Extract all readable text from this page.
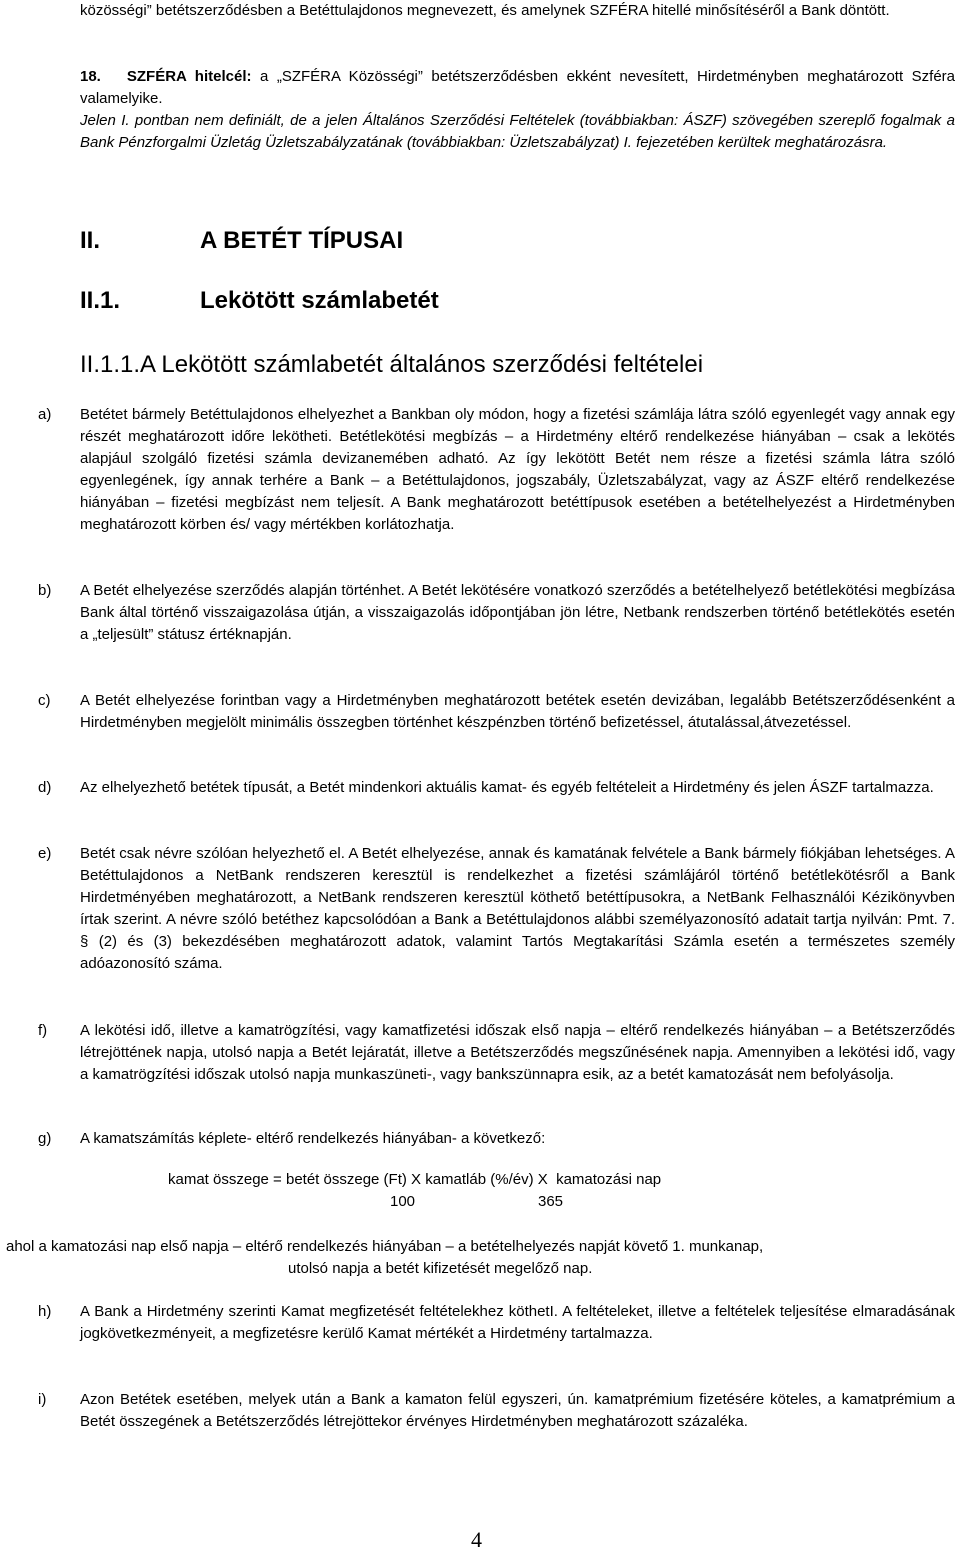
közösségi” betétszerződésben a Betéttulajdonos megnevezett, és amelynek SZFÉRA hitellé minősítéséről a Bank döntött.

18. SZFÉRA hitelcél: a „SZFÉRA Közösségi” betétszerződésben ekként nevesített, Hirdetményben meghatározott Szféra valamelyike.

Jelen I. pontban nem definiált, de a jelen Általános Szerződési Feltételek (továbbiakban: ÁSZF) szövegében szereplő fogalmak a Bank Pénzforgalmi Üzletág Üzletszabályzatának (továbbiakban: Üzletszabályzat) I. fejezetében kerültek meghatározásra.

II.	A BETÉT TÍPUSAI
II.1.	Lekötött számlabetét
II.1.1.A Lekötött számlabetét általános szerződési feltételei
a) Betétet bármely Betéttulajdonos elhelyezhet a Bankban oly módon, hogy a fizetési számlája látra szóló egyenlegét vagy annak egy részét meghatározott időre lekötheti. Betétlekötési megbízás – a Hirdetmény eltérő rendelkezése hiányában – csak a lekötés alapjául szolgáló fizetési számla devizanemében adható. Az így lekötött Betét nem része a fizetési számla látra szóló egyenlegének, így annak terhére a Bank – a Betéttulajdonos, jogszabály, Üzletszabályzat, vagy az ÁSZF eltérő rendelkezése hiányában – fizetési megbízást nem teljesít. A Bank meghatározott betéttípusok esetében a betételhelyezést a Hirdetményben meghatározott körben és/ vagy mértékben korlátozhatja.

b) A Betét elhelyezése szerződés alapján történhet. A Betét lekötésére vonatkozó szerződés a betételhelyező betétlekötési megbízása Bank által történő visszaigazolása útján, a visszaigazolás időpontjában jön létre, Netbank rendszerben történő betétlekötés esetén a „teljesült” státusz értéknapján.

c) A Betét elhelyezése forintban vagy a Hirdetményben meghatározott betétek esetén devizában, legalább Betétszerződésenként a Hirdetményben megjelölt minimális összegben történhet készpénzben történő befizetéssel, átutalással,átvezetéssel.

d) Az elhelyezhető betétek típusát, a Betét mindenkori aktuális kamat- és egyéb feltételeit a Hirdetmény és jelen ÁSZF tartalmazza.

e) Betét csak névre szólóan helyezhető el. A Betét elhelyezése, annak és kamatának felvétele a Bank bármely fiókjában lehetséges. A Betéttulajdonos a NetBank rendszeren keresztül is rendelkezhet a fizetési számlájáról történő betétlekötésről a Bank Hirdetményében meghatározott, a NetBank rendszeren keresztül köthető betéttípusokra, a NetBank Felhasználói Kézikönyvben írtak szerint. A névre szóló betéthez kapcsolódóan a Bank a Betéttulajdonos alábbi személyazonosító adatait tartja nyilván: Pmt. 7. § (2) és (3) bekezdésében meghatározott adatok, valamint Tartós Megtakarítási Számla esetén a természetes személy adóazonosító száma.

f) A lekötési idő, illetve a kamatrögzítési, vagy kamatfizetési időszak első napja – eltérő rendelkezés hiányában – a Betétszerződés létrejöttének napja, utolsó napja a Betét lejáratát, illetve a Betétszerződés megszűnésének napja. Amennyiben a lekötési idő, vagy a kamatrögzítési időszak utolsó napja munkaszüneti-, vagy bankszünnapra esik, az a betét kamatozását nem befolyásolja.

g) A kamatszámítás képlete- eltérő rendelkezés hiányában- a következő:

kamat összege = betét összege (Ft) X kamatláb (%/év) X  kamatozási nap
100	365
ahol a kamatozási nap első napja – eltérő rendelkezés hiányában – a betételhelyezés napját követő 1. munkanap,
utolsó napja a betét kifizetését megelőző nap.
h) A Bank a Hirdetmény szerinti Kamat megfizetését feltételekhez köthetI. A feltételeket, illetve a feltételek teljesítése elmaradásának jogkövetkezményeit, a megfizetésre kerülő Kamat mértékét a Hirdetmény tartalmazza.

i) Azon Betétek esetében, melyek után a Bank a kamaton felül egyszeri, ún. kamatprémium fizetésére köteles, a kamatprémium a Betét összegének a Betétszerződés létrejöttekor érvényes Hirdetményben meghatározott százaléka.

4
